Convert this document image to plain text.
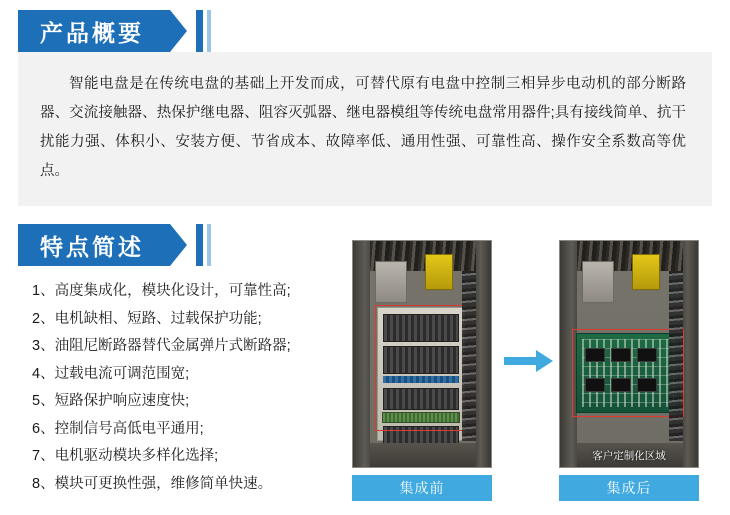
产品概要

智能电盘是在传统电盘的基础上开发而成，可替代原有电盘中控制三相异步电动机的部分断路器、交流接触器、热保护继电器、阻容灭弧器、继电器模组等传统电盘常用器件;具有接线简单、抗干扰能力强、体积小、安装方便、节省成本、故障率低、通用性强、可靠性高、操作安全系数高等优点。

特点简述
1、高度集成化，模块化设计，可靠性高;
2、电机缺相、短路、过载保护功能;
3、油阻尼断路器替代金属弹片式断路器;
4、过载电流可调范围宽;
5、短路保护响应速度快;
6、控制信号高低电平通用;
7、电机驱动模块多样化选择;
8、模块可更换性强，维修简单快速。	集成前
客户定制化区域
集成后
